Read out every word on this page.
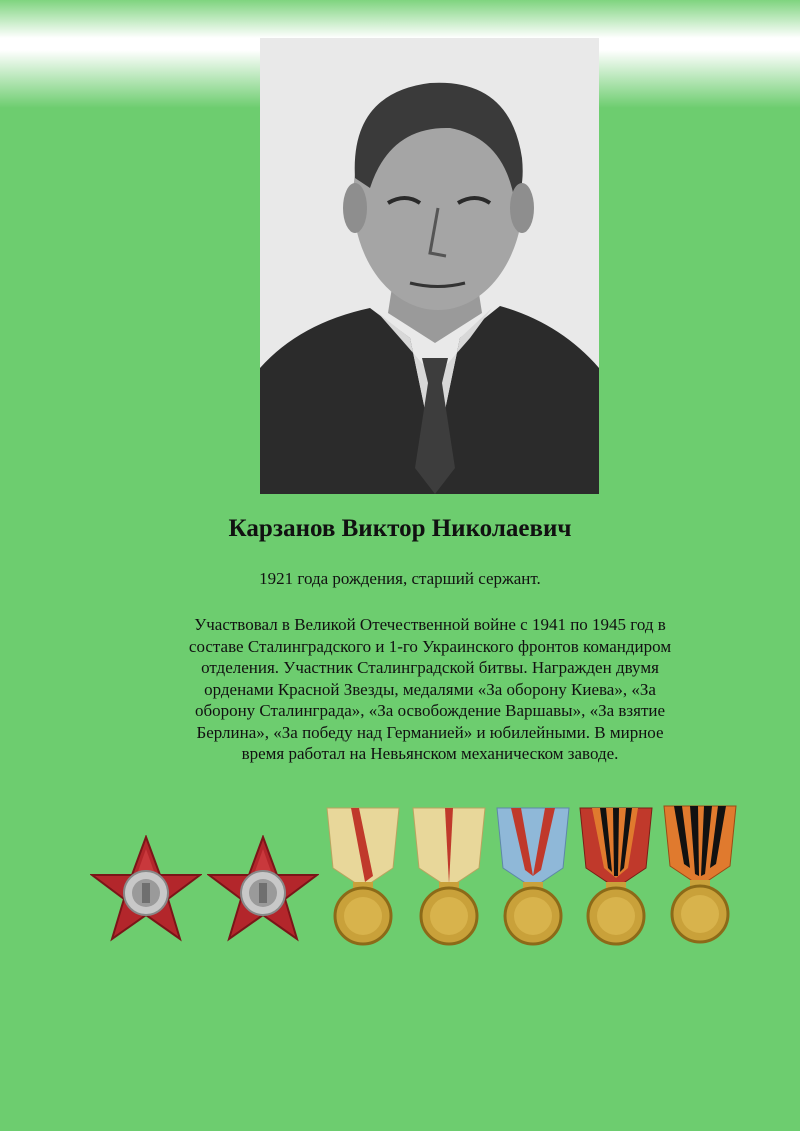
Карзанов Виктор Николаевич
1921 года рождения, старший сержант.
Участвовал в Великой Отечественной войне с 1941 по 1945 год в
составе Сталинградского и 1-го Украинского фронтов командиром
отделения. Участник Сталинградской битвы. Награжден двумя
орденами Красной Звезды, медалями «За оборону Киева», «За
оборону Сталинграда», «За освобождение Варшавы», «За взятие
Берлина», «За победу над Германией» и юбилейными. В мирное
время работал на Невьянском механическом заводе.
